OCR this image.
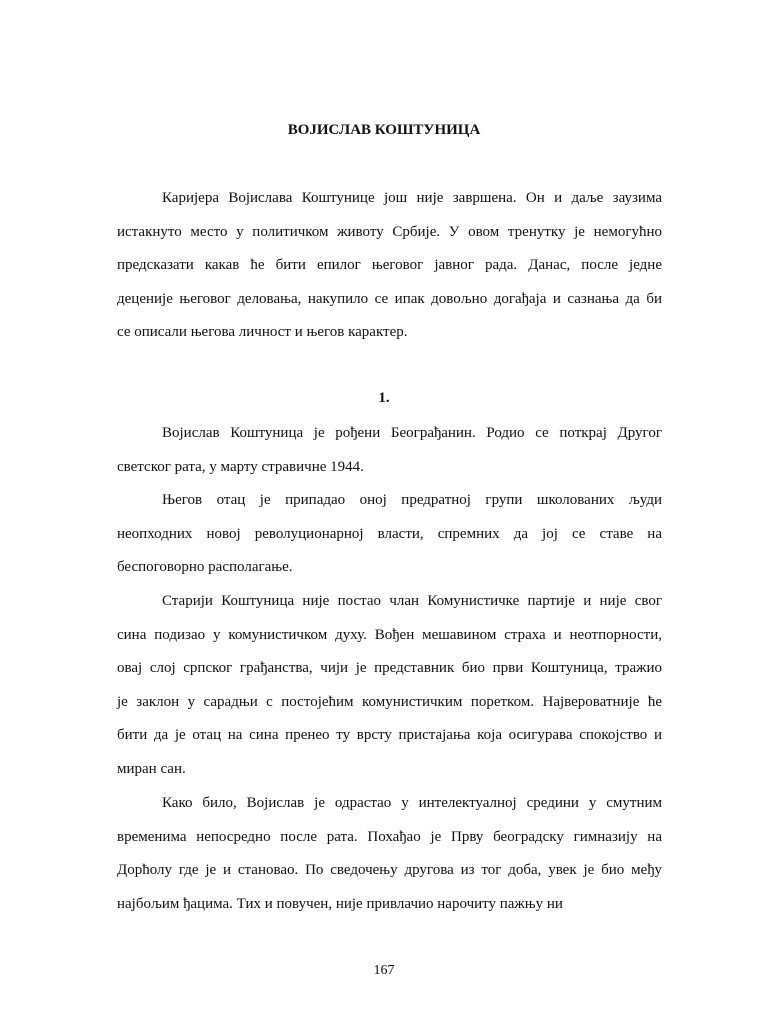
ВОЈИСЛАВ КОШТУНИЦА
Каријера Војислава Коштунице још није завршена. Он и даље заузима
истакнуто место у политичком животу Србије. У овом тренутку је немогућно
предсказати какав ће бити епилог његовог јавног рада. Данас, после једне
деценије његовог деловања, накупило се ипак довољно догађаја и сазнања да би
се описали његова личност и његов карактер.
1.
Војислав Коштуница је рођени Београђанин. Родио се поткрај Другог
светског рата, у марту стравичне 1944.
Његов отац је припадао оној предратној групи школованих људи
неопходних новој револуционарној власти, спремних да јој се ставе на
беспоговорно располагање.
Старији Коштуница није постао члан Комунистичке партије и није свог
сина подизао у комунистичком духу. Вођен мешавином страха и неотпорности,
овај слој српског грађанства, чији је представник био први Коштуница, тражио
је заклон у сарадњи с постојећим комунистичким поретком. Највероватније ће
бити да је отац на сина пренео ту врсту пристајања која осигурава спокојство и
миран сан.
Како било, Војислав је одрастао у интелектуалној средини у смутним
временима непосредно после рата. Похађао је Прву београдску гимназију на
Дорћолу где је и становао. По сведочењу другова из тог доба, увек је био међу
најбољим ђацима. Тих и повучен, није привлачио нарочиту пажњу ни
167
